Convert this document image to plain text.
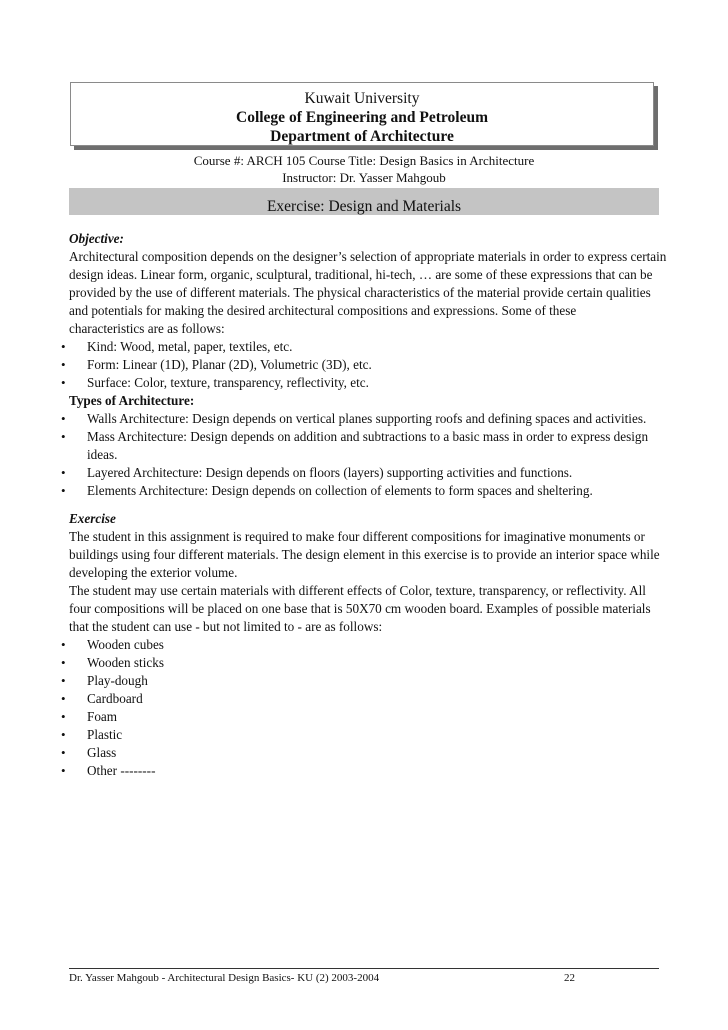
Kuwait University
College of Engineering and Petroleum
Department of Architecture
Course #: ARCH 105 Course Title: Design Basics in Architecture
Instructor: Dr. Yasser Mahgoub
Exercise: Design and Materials

Objective:

Architectural composition depends on the designer’s selection of appropriate materials in order to express certain design ideas. Linear form, organic, sculptural, traditional, hi-tech, … are some of these expressions that can be provided by the use of different materials. The physical characteristics of the material provide certain qualities and potentials for making the desired architectural compositions and expressions. Some of these

characteristics are as follows:

• Kind: Wood, metal, paper, textiles, etc.
• Form: Linear (1D), Planar (2D), Volumetric (3D), etc.
• Surface: Color, texture, transparency, reflectivity, etc.

Types of Architecture:

• Walls Architecture: Design depends on vertical planes supporting roofs and defining spaces and activities.
• Mass Architecture: Design depends on addition and subtractions to a basic mass in order to express design ideas.
• Layered Architecture: Design depends on floors (layers) supporting activities and functions.
• Elements Architecture: Design depends on collection of elements to form spaces and sheltering.

Exercise

The student in this assignment is required to make four different compositions for imaginative monuments or buildings using four different materials. The design element in this exercise is to provide an interior space while developing the exterior volume.

The student may use certain materials with different effects of Color, texture, transparency, or reflectivity. All four compositions will be placed on one base that is 50X70 cm wooden board. Examples of possible materials that the student can use - but not limited to - are as follows:

• Wooden cubes
• Wooden sticks
• Play-dough
• Cardboard
• Foam
• Plastic
• Glass
• Other --------
Dr. Yasser Mahgoub - Architectural Design Basics- KU (2) 2003-2004	22
